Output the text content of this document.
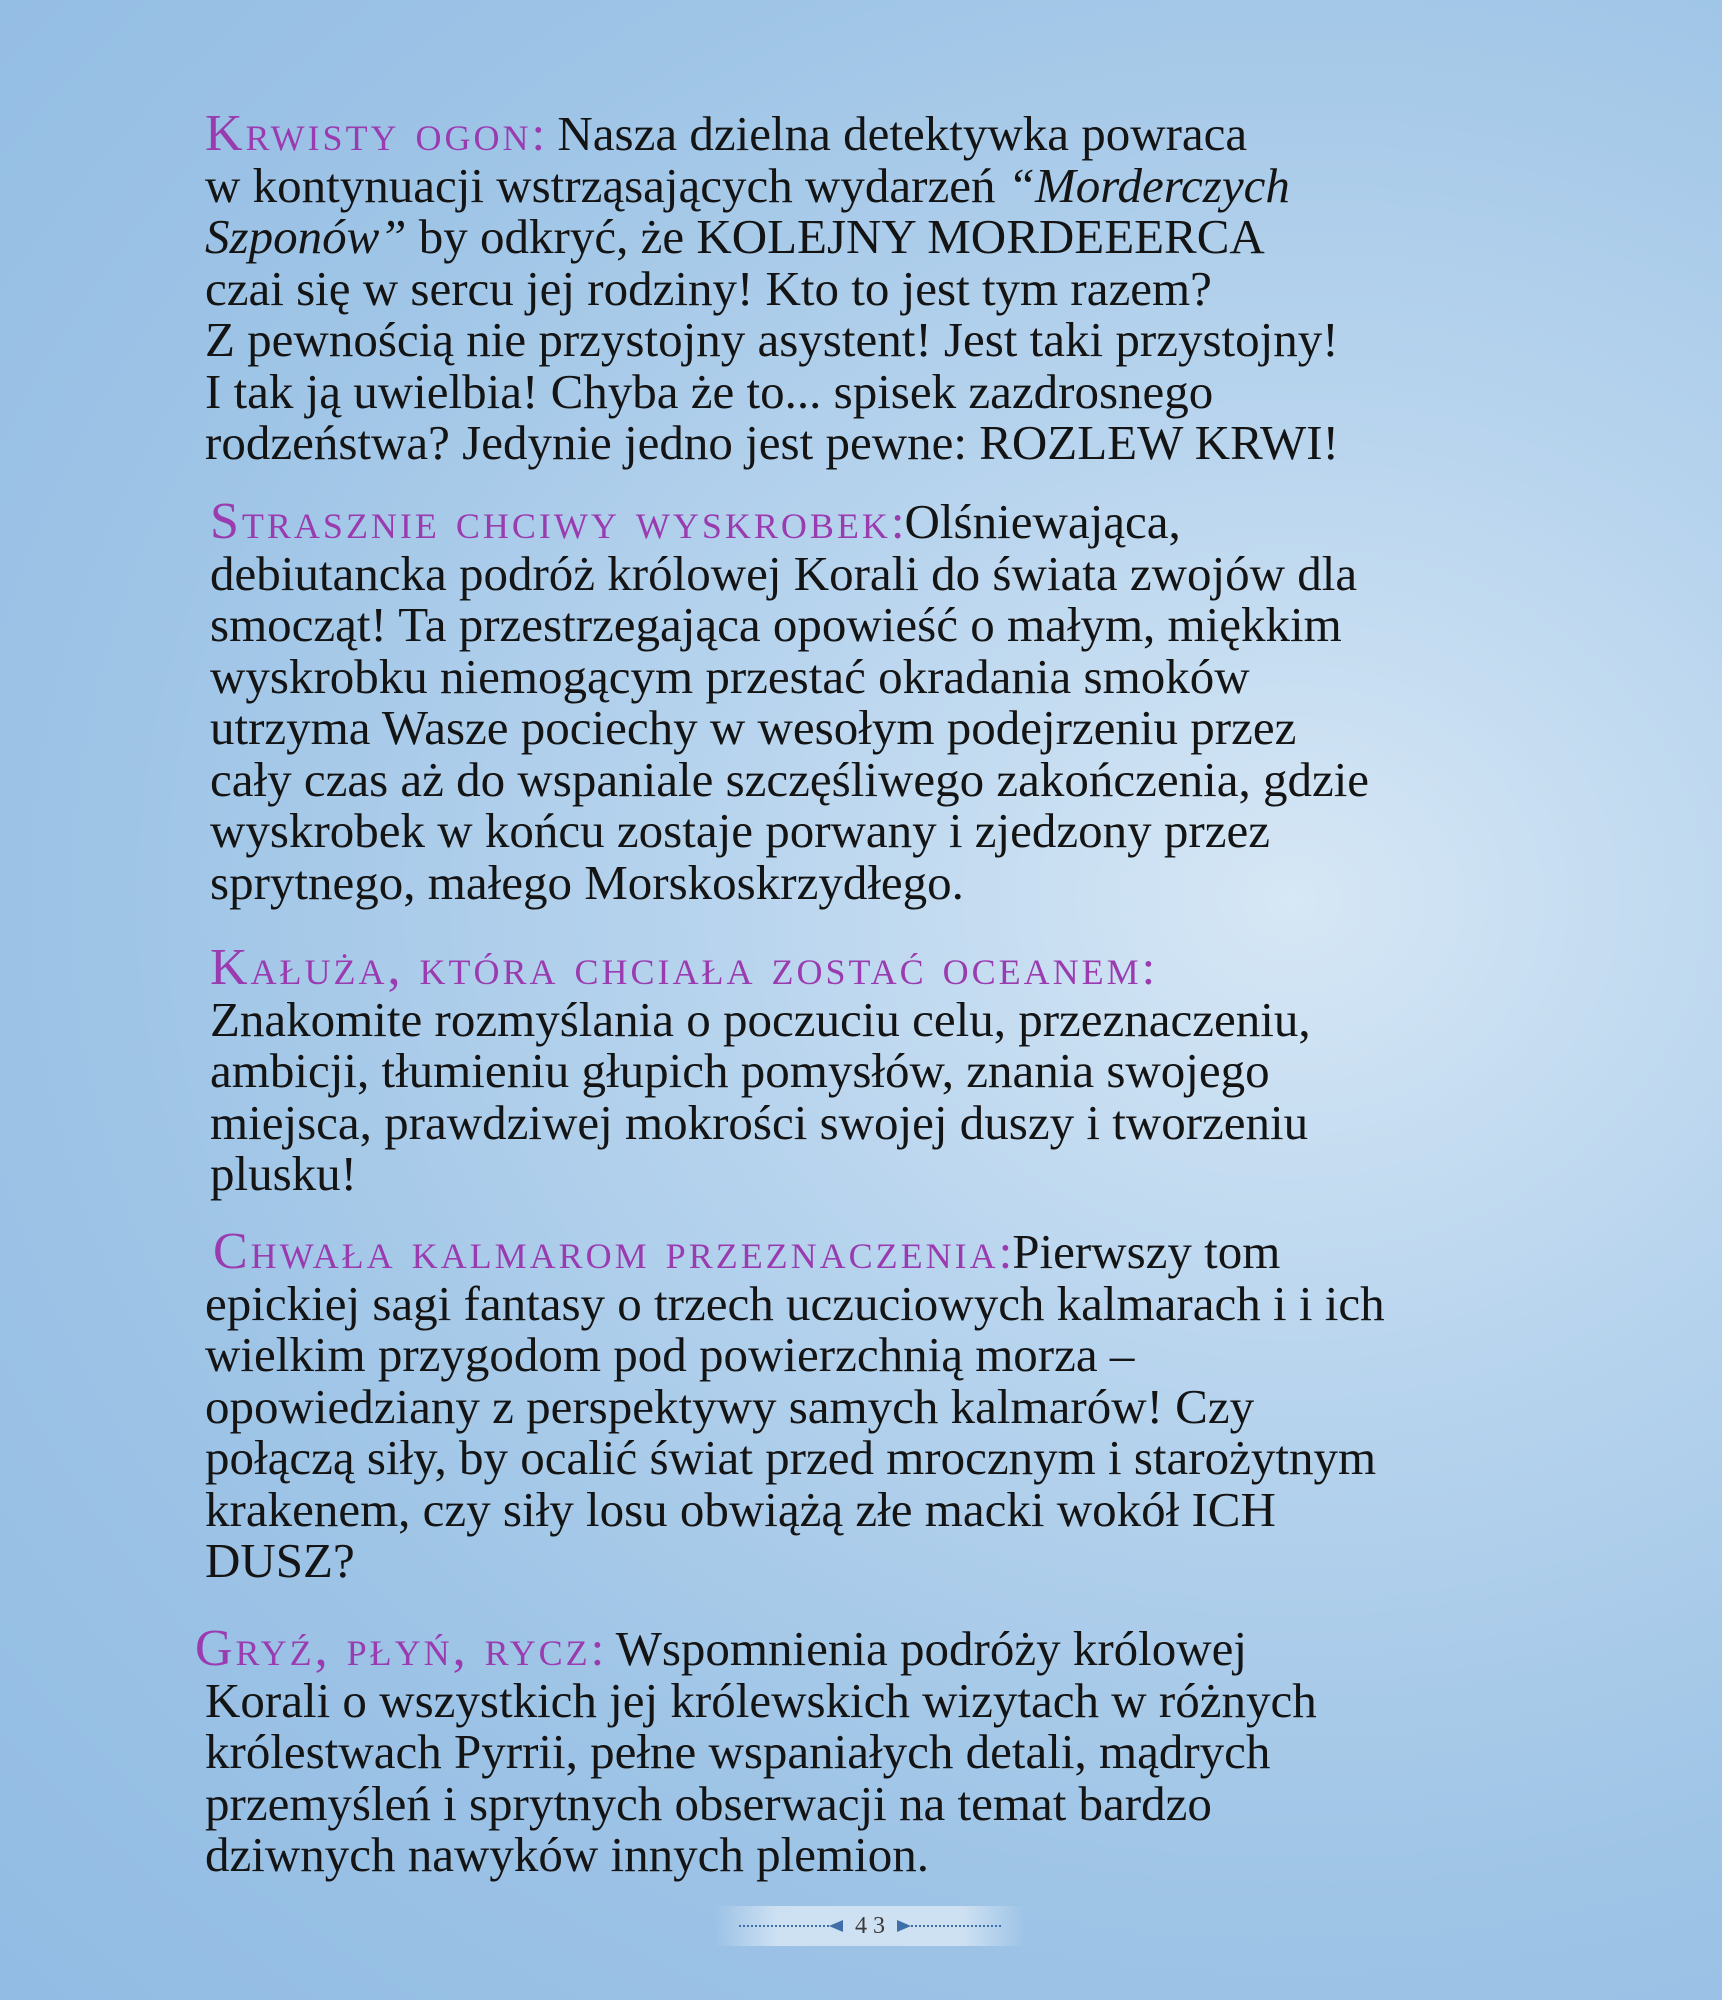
Krwisty ogon: Nasza dzielna detektywka powraca
w kontynuacji wstrząsających wydarzeń “Morderczych
Szponów” by odkryć, że KOLEJNY MORDEEERCA
czai się w sercu jej rodziny! Kto to jest tym razem?
Z pewnością nie przystojny asystent! Jest taki przystojny!
I tak ją uwielbia! Chyba że to... spisek zazdrosnego
rodzeństwa? Jedynie jedno jest pewne: ROZLEW KRWI!

Strasznie chciwy wyskrobek:Olśniewająca,
debiutancka podróż królowej Korali do świata zwojów dla
smocząt! Ta przestrzegająca opowieść o małym, miękkim
wyskrobku niemogącym przestać okradania smoków
utrzyma Wasze pociechy w wesołym podejrzeniu przez
cały czas aż do wspaniale szczęśliwego zakończenia, gdzie
wyskrobek w końcu zostaje porwany i zjedzony przez
sprytnego, małego Morskoskrzydłego.

Kałuża, która chciała zostać oceanem:
Znakomite rozmyślania o poczuciu celu, przeznaczeniu,
ambicji, tłumieniu głupich pomysłów, znania swojego
miejsca, prawdziwej mokrości swojej duszy i tworzeniu
plusku!

Chwała kalmarom przeznaczenia:Pierwszy tom
epickiej sagi fantasy o trzech uczuciowych kalmarach i i ich
wielkim przygodom pod powierzchnią morza –
opowiedziany z perspektywy samych kalmarów! Czy
połączą siły, by ocalić świat przed mrocznym i starożytnym
krakenem, czy siły losu obwiążą złe macki wokół ICH
DUSZ?

Gryź, płyń, rycz: Wspomnienia podróży królowej
Korali o wszystkich jej królewskich wizytach w różnych
królestwach Pyrrii, pełne wspaniałych detali, mądrych
przemyśleń i sprytnych obserwacji na temat bardzo
dziwnych nawyków innych plemion.

43
